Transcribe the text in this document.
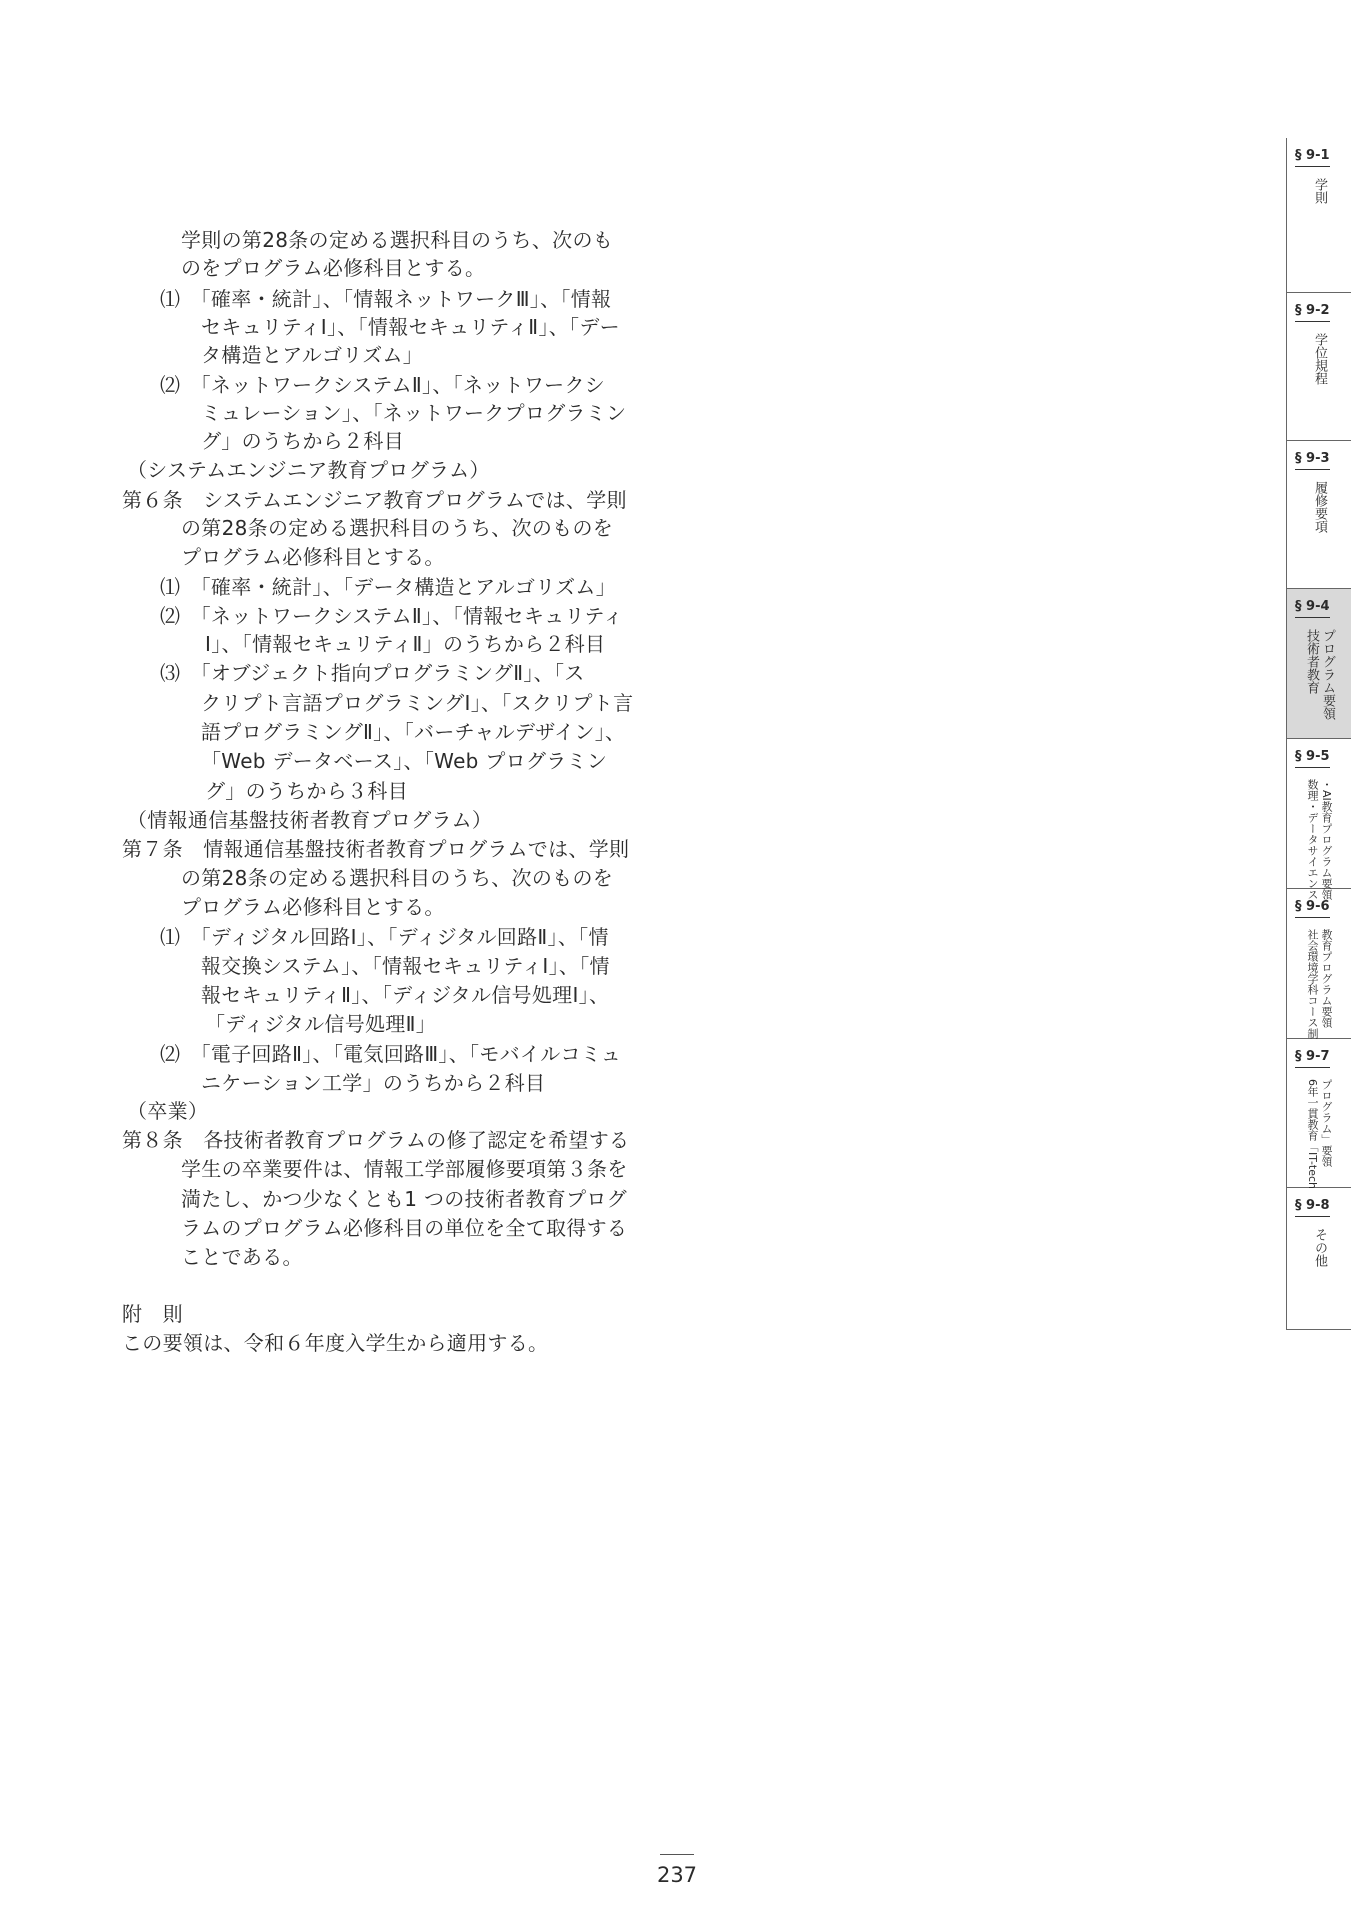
学則の第28条の定める選択科目のうち、次のも
のをプログラム必修科目とする。
⑴　「確率・統計」、「情報ネットワークⅢ」、「情報
セキュリティⅠ」、「情報セキュリティⅡ」、「デー
タ構造とアルゴリズム」
⑵　「ネットワークシステムⅡ」、「ネットワークシ
ミュレーション」、「ネットワークプログラミン
グ」のうちから２科目
（システムエンジニア教育プログラム）
第６条　システムエンジニア教育プログラムでは、学則
の第28条の定める選択科目のうち、次のものを
プログラム必修科目とする。
⑴　「確率・統計」、「データ構造とアルゴリズム」
⑵　「ネットワークシステムⅡ」、「情報セキュリティ
Ⅰ」、「情報セキュリティⅡ」のうちから２科目
⑶　「オブジェクト指向プログラミングⅡ」、「ス
クリプト言語プログラミングⅠ」、「スクリプト言
語プログラミングⅡ」、「バーチャルデザイン」、
「Web データベース」、「Web プログラミン
グ」のうちから３科目
（情報通信基盤技術者教育プログラム）
第７条　情報通信基盤技術者教育プログラムでは、学則
の第28条の定める選択科目のうち、次のものを
プログラム必修科目とする。
⑴　「ディジタル回路Ⅰ」、「ディジタル回路Ⅱ」、「情
報交換システム」、「情報セキュリティⅠ」、「情
報セキュリティⅡ」、「ディジタル信号処理Ⅰ」、
「ディジタル信号処理Ⅱ」
⑵　「電子回路Ⅱ」、「電気回路Ⅲ」、「モバイルコミュ
ニケーション工学」のうちから２科目
（卒業）
第８条　各技術者教育プログラムの修了認定を希望する
学生の卒業要件は、情報工学部履修要項第３条を
満たし、かつ少なくとも1 つの技術者教育プログ
ラムのプログラム必修科目の単位を全て取得する
ことである。
附　則
この要領は、令和６年度入学生から適用する。
237
§ 9-1
学則
§ 9-2
学位規程
§ 9-3
履修要項
§ 9-4
技術者教育 プログラム要領
§ 9-5
数理・データサイエンス ・AI教育プログラム要領
§ 9-6
社会環境学科コース制 教育プログラム要領
§ 9-7
6年一貫教育「IT-tech プログラム」要領
§ 9-8
その他
